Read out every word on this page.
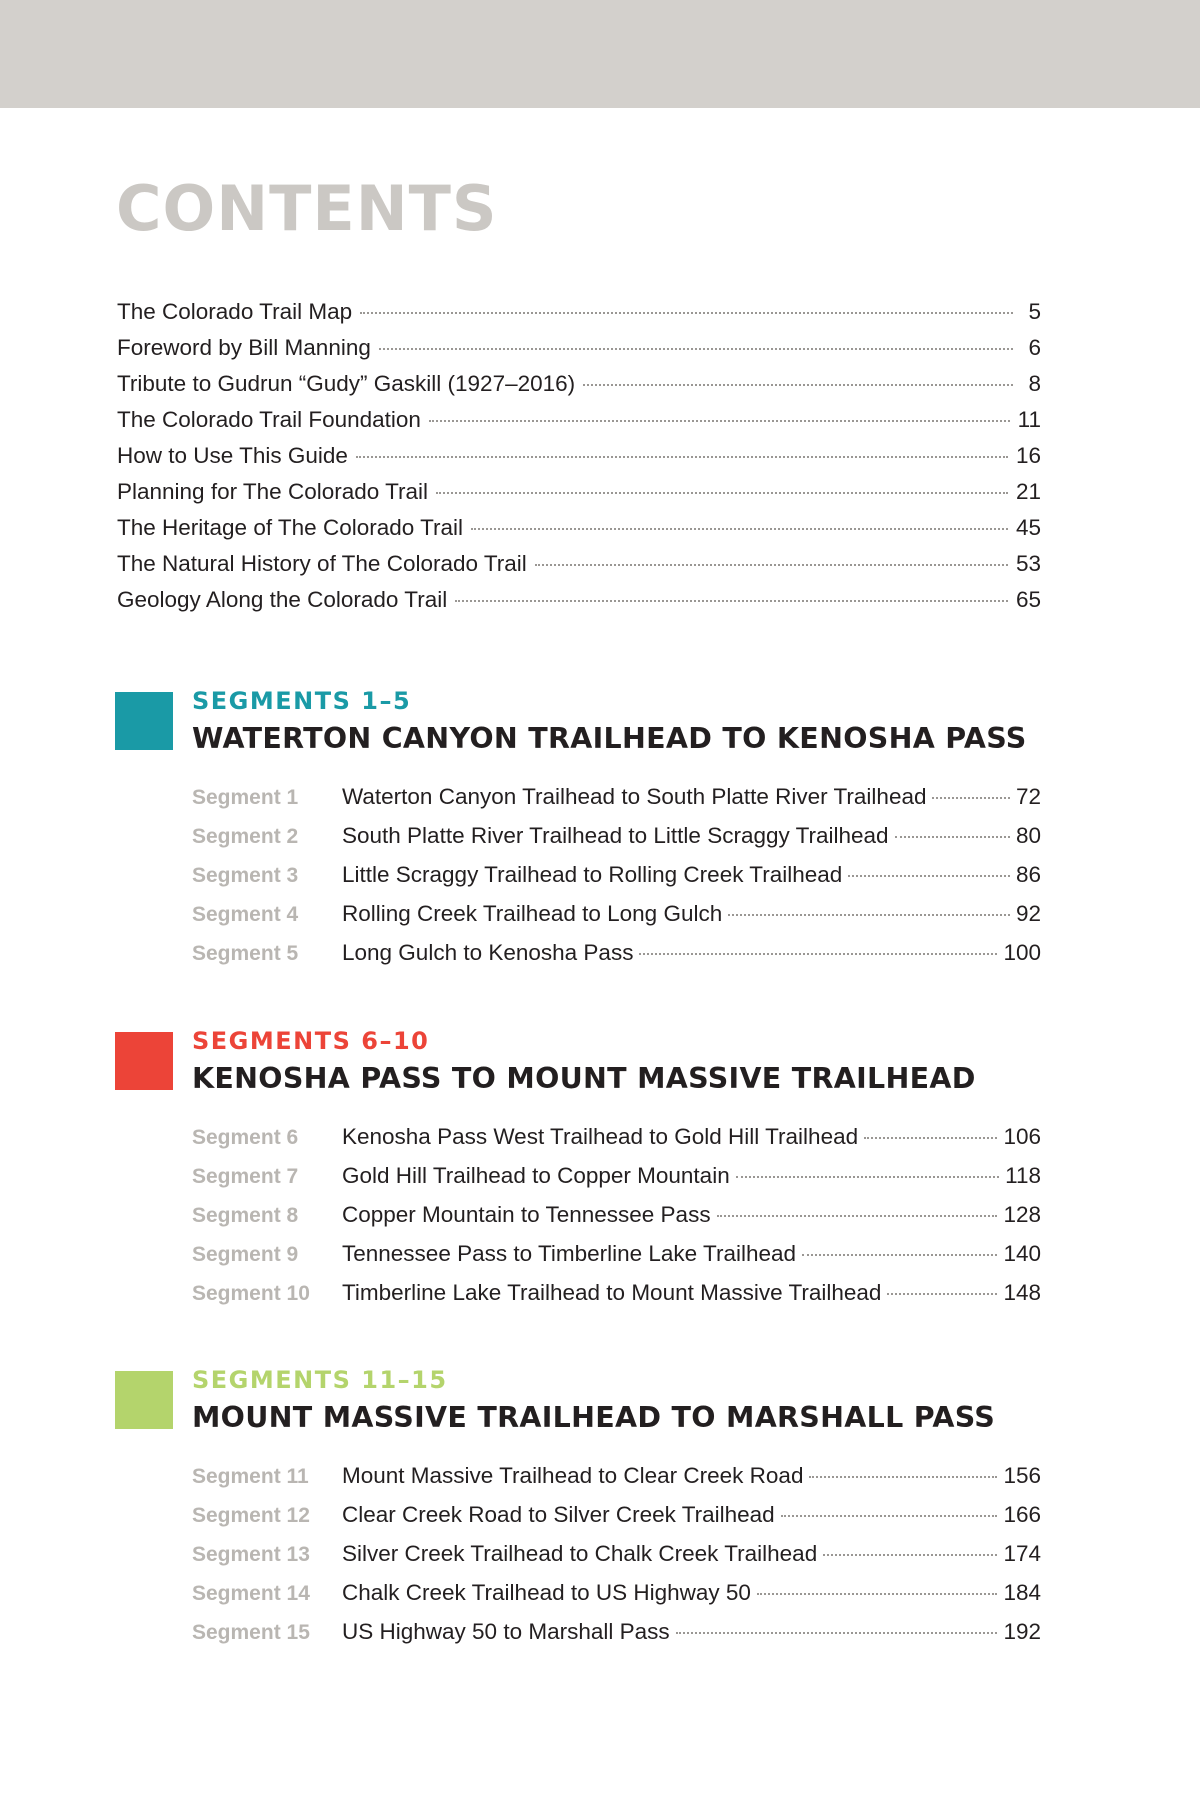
CONTENTS
The Colorado Trail Map	5
Foreword by Bill Manning	6
Tribute to Gudrun “Gudy” Gaskill (1927–2016)	8
The Colorado Trail Foundation	11
How to Use This Guide	16
Planning for The Colorado Trail	21
The Heritage of The Colorado Trail	45
The Natural History of The Colorado Trail	53
Geology Along the Colorado Trail	65
SEGMENTS 1–5
WATERTON CANYON TRAILHEAD TO KENOSHA PASS
Segment 1	Waterton Canyon Trailhead to South Platte River Trailhead	72
Segment 2	South Platte River Trailhead to Little Scraggy Trailhead	80
Segment 3	Little Scraggy Trailhead to Rolling Creek Trailhead	86
Segment 4	Rolling Creek Trailhead to Long Gulch	92
Segment 5	Long Gulch to Kenosha Pass	100
SEGMENTS 6–10
KENOSHA PASS TO MOUNT MASSIVE TRAILHEAD
Segment 6	Kenosha Pass West Trailhead to Gold Hill Trailhead	106
Segment 7	Gold Hill Trailhead to Copper Mountain	118
Segment 8	Copper Mountain to Tennessee Pass	128
Segment 9	Tennessee Pass to Timberline Lake Trailhead	140
Segment 10	Timberline Lake Trailhead to Mount Massive Trailhead	148
SEGMENTS 11–15
MOUNT MASSIVE TRAILHEAD TO MARSHALL PASS
Segment 11	Mount Massive Trailhead to Clear Creek Road	156
Segment 12	Clear Creek Road to Silver Creek Trailhead	166
Segment 13	Silver Creek Trailhead to Chalk Creek Trailhead	174
Segment 14	Chalk Creek Trailhead to US Highway 50	184
Segment 15	US Highway 50 to Marshall Pass	192
